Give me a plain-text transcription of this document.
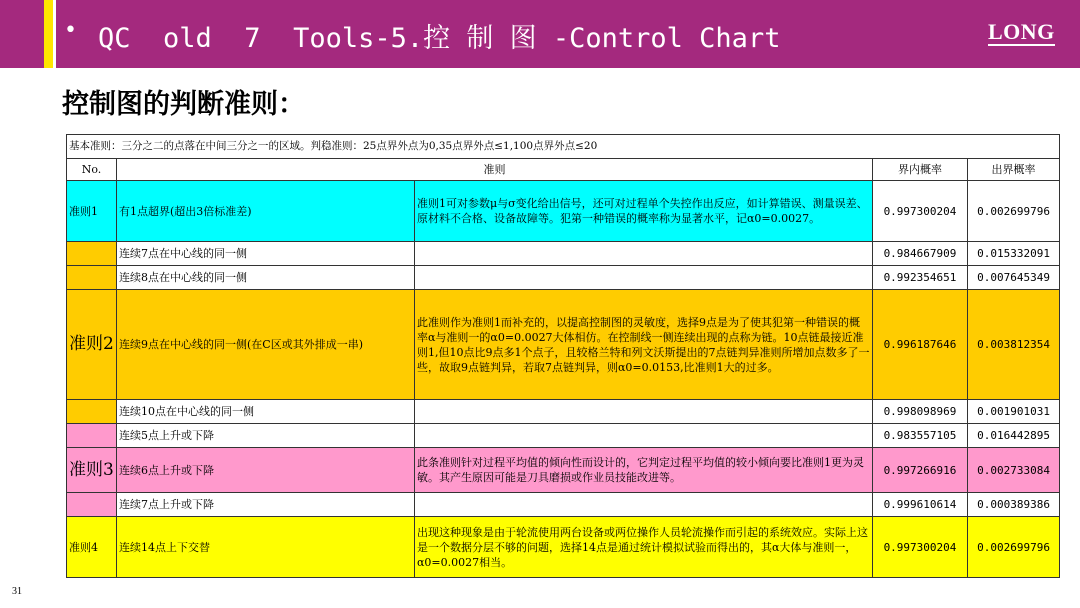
• QC  old  7  Tools-5.控 制 图 -Control Chart	LONG
控制图的判断准则：
基本准则：三分之二的点落在中间三分之一的区域。判稳准则：25点界外点为0,35点界外点≤1,100点界外点≤20				
No.	准则		界内概率	出界概率
准则1	有1点超界(超出3倍标准差)	准则1可对参数μ与σ变化给出信号，还可对过程单个失控作出反应，如计算错误、测量误差、原材料不合格、设备故障等。犯第一种错误的概率称为显著水平，记α0=0.0027。	0.997300204	0.002699796
	连续7点在中心线的同一侧		0.984667909	0.015332091
	连续8点在中心线的同一侧		0.992354651	0.007645349
准则2	连续9点在中心线的同一侧(在C区或其外排成一串)	此准则作为准则1而补充的，以提高控制图的灵敏度，选择9点是为了使其犯第一种错误的概率α与准则一的α0=0.0027大体相仿。在控制线一侧连续出现的点称为链。10点链最接近准则1,但10点比9点多1个点子，且较格兰特和列文沃斯提出的7点链判异准则所增加点数多了一些，故取9点链判异，若取7点链判异，则α0=0.0153,比准则1大的过多。	0.996187646	0.003812354
	连续10点在中心线的同一侧		0.998098969	0.001901031
	连续5点上升或下降		0.983557105	0.016442895
准则3	连续6点上升或下降	此条准则针对过程平均值的倾向性而设计的，它判定过程平均值的较小倾向要比准则1更为灵敏。其产生原因可能是刀具磨损或作业员技能改进等。	0.997266916	0.002733084
	连续7点上升或下降		0.999610614	0.000389386
准则4	连续14点上下交替	出现这种现象是由于轮流使用两台设备或两位操作人员轮流操作而引起的系统效应。实际上这是一个数据分层不够的问题，选择14点是通过统计模拟试验而得出的，其α大体与准则一，α0=0.0027相当。	0.997300204	0.002699796
31
